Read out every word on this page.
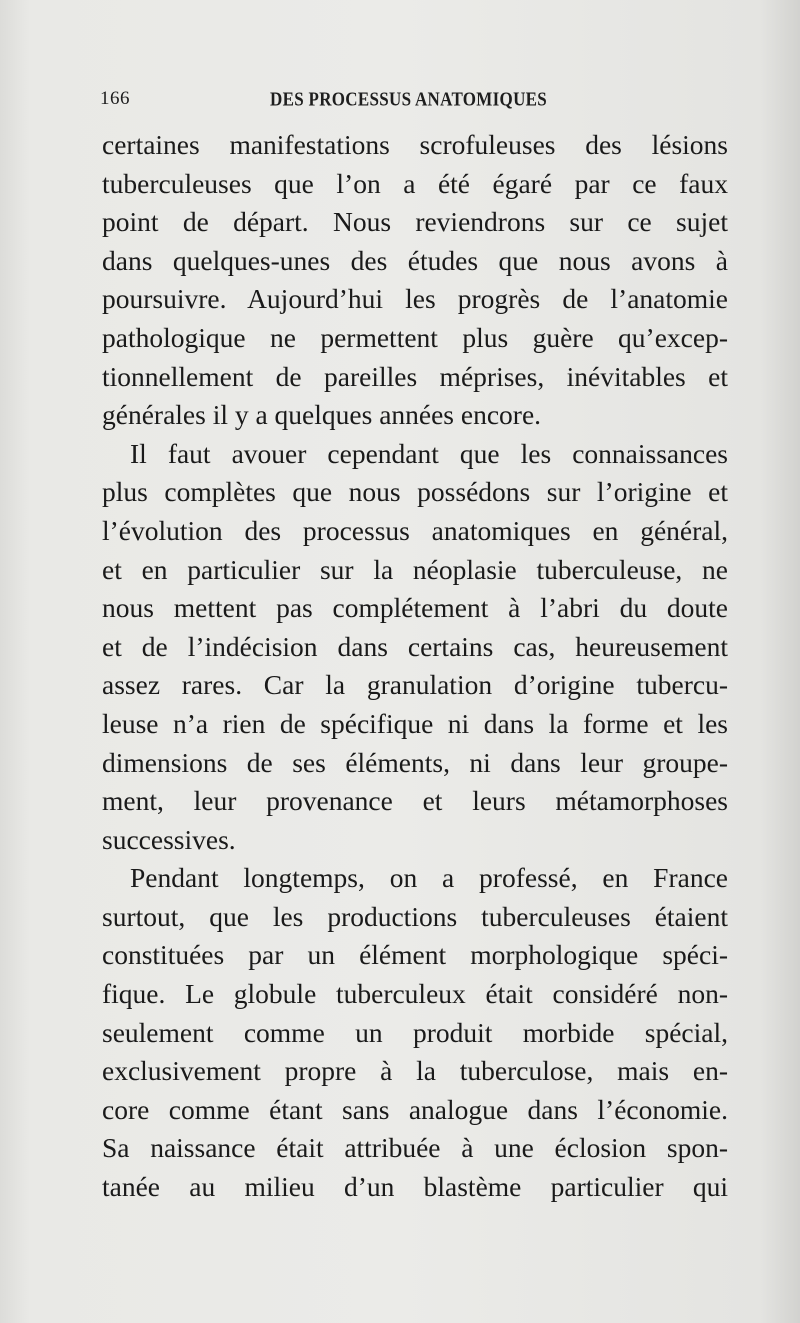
166	DES PROCESSUS ANATOMIQUES
certaines manifestations scrofuleuses des lésions
tuberculeuses que l’on a été égaré par ce faux
point de départ. Nous reviendrons sur ce sujet
dans quelques-unes des études que nous avons à
poursuivre. Aujourd’hui les progrès de l’anatomie
pathologique ne permettent plus guère qu’excep-
tionnellement de pareilles méprises, inévitables et
générales il y a quelques années encore.
Il faut avouer cependant que les connaissances
plus complètes que nous possédons sur l’origine et
l’évolution des processus anatomiques en général,
et en particulier sur la néoplasie tuberculeuse, ne
nous mettent pas complétement à l’abri du doute
et de l’indécision dans certains cas, heureusement
assez rares. Car la granulation d’origine tubercu-
leuse n’a rien de spécifique ni dans la forme et les
dimensions de ses éléments, ni dans leur groupe-
ment, leur provenance et leurs métamorphoses
successives.
Pendant longtemps, on a professé, en France
surtout, que les productions tuberculeuses étaient
constituées par un élément morphologique spéci-
fique. Le globule tuberculeux était considéré non-
seulement comme un produit morbide spécial,
exclusivement propre à la tuberculose, mais en-
core comme étant sans analogue dans l’économie.
Sa naissance était attribuée à une éclosion spon-
tanée au milieu d’un blastème particulier qui
